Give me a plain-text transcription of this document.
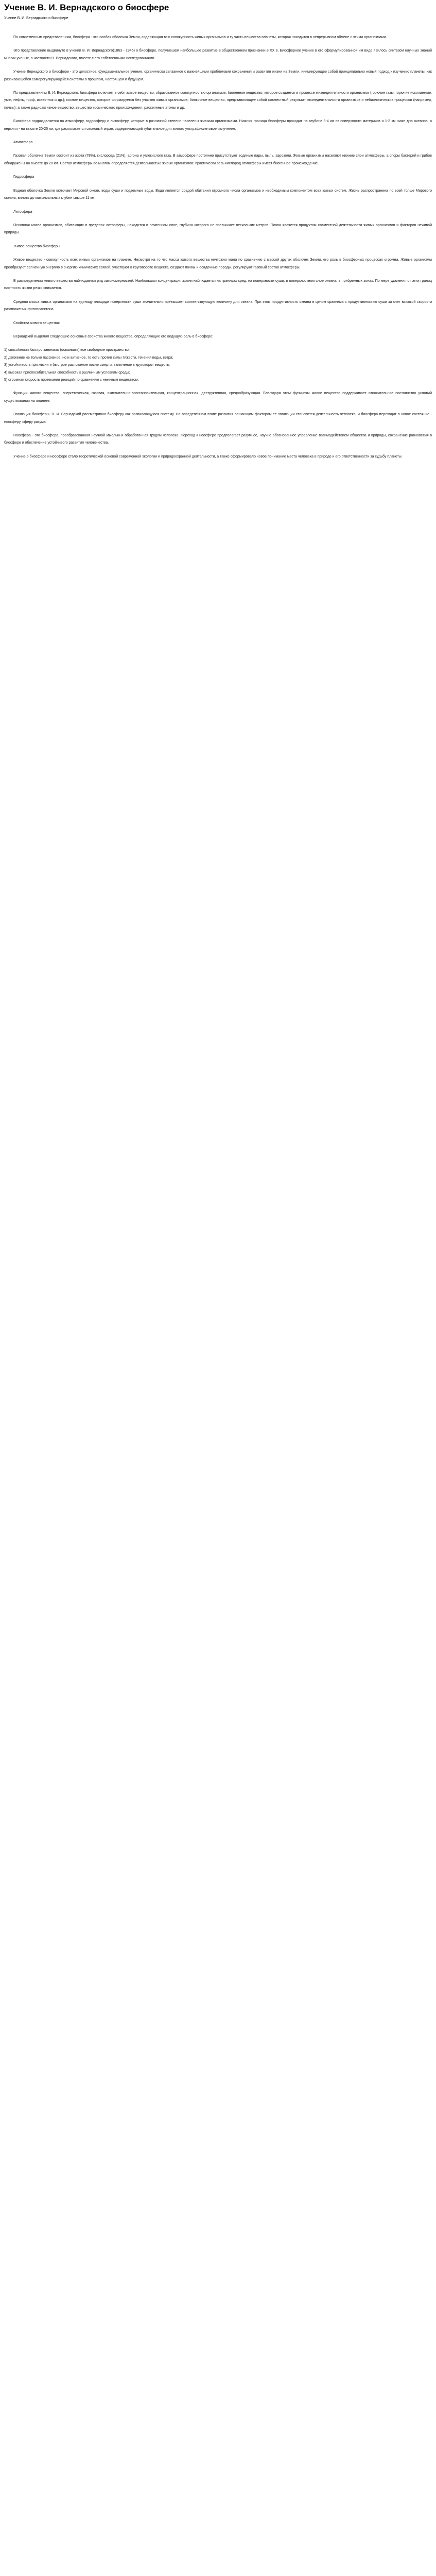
Учение В. И. Вернадского о биосфере
Учение В. И. Вернадского о биосфере

По современным представлениям, биосфера - это особая оболочка Земли, содержащая всю совокупность живых организмов и ту часть вещества планеты, которая находится в непрерывном обмене с этими организмами.

Это представление выдвинуто в учении В. И. Вернадского(1863 - 1945) о биосфере, получившем наибольшее развитие в общественном признании в XX в. Биосферное учение в его сформулированной им виде явилось синтезом научных знаний многих ученых, в частности В. Вернадского, вместе с его собственными исследованиями.

Учение Вернадского о биосфере - это целостное, фундаментальное учение, органически связанное с важнейшими проблемами сохранения и развития жизни на Земли, инициирующее собой принципиально новый подход к изучению планеты, как развивающейся саморегулирующейся системы в прошлом, настоящем и будущем.

По представлениям В. И. Вернадского, биосфера включает в себя живое вещество, образованное совокупностью организмов; биогенное вещество, которое создается в процессе жизнедеятельности организмов (горючие газы, горючие ископаемые, угли, нефть, торф, известняк и др.); косное вещество, которое формируется без участия живых организмов; биокосное вещество, представляющее собой совместный результат жизнедеятельности организмов и небиологических процессов (например, почвы); а также радиоактивное вещество, вещество космического происхождения, рассеянные атомы и др.

Биосфера подразделяется на атмосферу, гидросферу и литосферу, которые в различной степени населены живыми организмами. Нижняя граница биосферы проходит на глубине 3-4 км от поверхности материков и 1-2 км ниже дна океанов, а верхняя - на высоте 20-25 км, где располагается озоновый экран, задерживающий губительное для живого ультрафиолетовое излучение.

Атмосфера

Газовая оболочка Земли состоит из азота (78%), кислорода (21%), аргона и углекислого газа. В атмосфере постоянно присутствуют водяные пары, пыль, аэрозоли. Живые организмы населяют нижние слои атмосферы, а споры бактерий и грибов обнаружены на высоте до 20 км. Состав атмосферы во многом определяется деятельностью живых организмов: практически весь кислород атмосферы имеет биогенное происхождение.

Гидросфера

Водная оболочка Земли включает Мировой океан, воды суши и подземные воды. Вода является средой обитания огромного числа организмов и необходимым компонентом всех живых систем. Жизнь распространена по всей толще Мирового океана, вплоть до максимальных глубин свыше 11 км.

Литосфера

Основная масса организмов, обитающих в пределах литосферы, находится в почвенном слое, глубина которого не превышает нескольких метров. Почва является продуктом совместной деятельности живых организмов и факторов неживой природы.

Живое вещество биосферы

Живое вещество - совокупность всех живых организмов на планете. Несмотря на то что масса живого вещества ничтожно мала по сравнению с массой других оболочек Земли, его роль в биосферных процессах огромна. Живые организмы преобразуют солнечную энергию в энергию химических связей, участвуют в круговороте веществ, создают почвы и осадочные породы, регулируют газовый состав атмосферы.

В распределении живого вещества наблюдается ряд закономерностей. Наибольшая концентрация жизни наблюдается на границах сред: на поверхности суши, в поверхностном слое океана, в прибрежных зонах. По мере удаления от этих границ плотность жизни резко снижается.

Средняя масса живых организмов на единицу площади поверхности суши значительно превышает соответствующую величину для океана. При этом продуктивность океана в целом сравнима с продуктивностью суши за счет высокой скорости размножения фитопланктона.

Свойства живого вещества:

Вернадский выделил следующие основные свойства живого вещества, определяющие его ведущую роль в биосфере:

1) способность быстро занимать (осваивать) все свободное пространство;
2) движение не только пассивное, но и активное, то есть против силы тяжести, течения воды, ветра;
3) устойчивость при жизни и быстрое разложение после смерти, включение в круговорот веществ;
4) высокая приспособительная способность к различным условиям среды;
5) огромная скорость протекания реакций по сравнению с неживым веществом.

Функции живого вещества: энергетическая, газовая, окислительно-восстановительная, концентрационная, деструктивная, средообразующая. Благодаря этим функциям живое вещество поддерживает относительное постоянство условий существования на планете.

Эволюция биосферы. В. И. Вернадский рассматривал биосферу как развивающуюся систему. На определенном этапе развития решающим фактором ее эволюции становится деятельность человека, и биосфера переходит в новое состояние - ноосферу, сферу разума.

Ноосфера - это биосфера, преобразованная научной мыслью и обработанная трудом человека. Переход к ноосфере предполагает разумное, научно обоснованное управление взаимодействием общества и природы, сохранение равновесия в биосфере и обеспечение устойчивого развития человечества.

Учение о биосфере и ноосфере стало теоретической основой современной экологии и природоохранной деятельности, а также сформировало новое понимание места человека в природе и его ответственности за судьбу планеты.
